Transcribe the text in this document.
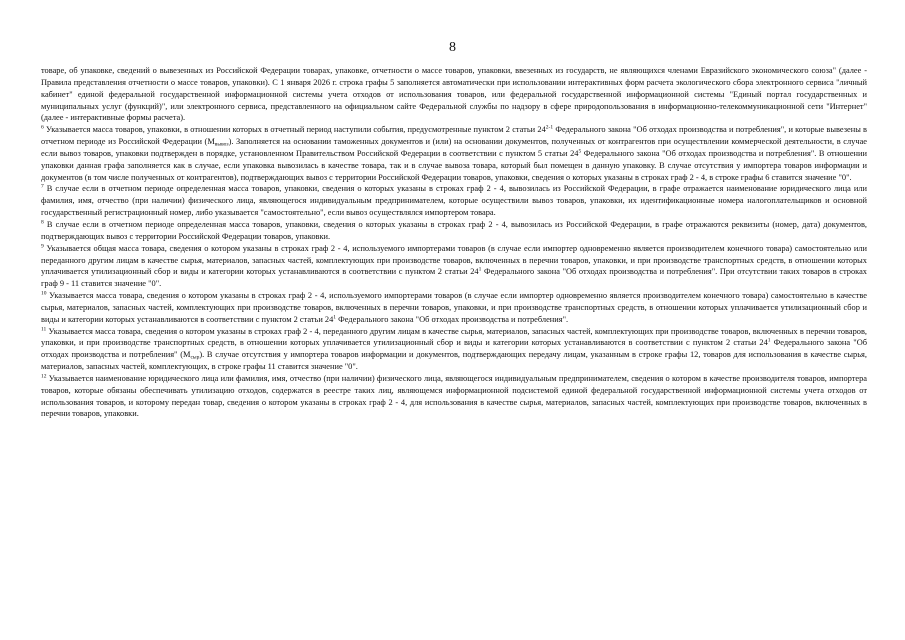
8

товаре, об упаковке, сведений о вывезенных из Российской Федерации товарах, упаковке, отчетности о массе товаров, упаковки, ввезенных из государств, не являющихся членами Евразийского экономического союза" (далее - Правила представления отчетности о массе товаров, упаковки). С 1 января 2026 г. строка графы 5 заполняется автоматически при использовании интерактивных форм расчета экологического сбора электронного сервиса "личный кабинет" единой федеральной государственной информационной системы учета отходов от использования товаров, или федеральной государственной информационной системы "Единый портал государственных и муниципальных услуг (функций)", или электронного сервиса, представленного на официальном сайте Федеральной службы по надзору в сфере природопользования в информационно-телекоммуникационной сети "Интернет" (далее - интерактивные формы расчета).

$^6$ Указывается масса товаров, упаковки, в отношении которых в отчетный период наступили события, предусмотренные пунктом 2 статьи 24$^{2-1}$ Федерального закона "Об отходах производства и потребления", и которые вывезены в отчетном периоде из Российской Федерации $(М_{вывоз})$. Заполняется на основании таможенных документов и (или) на основании документов, полученных от контрагентов при осуществлении коммерческой деятельности, в случае если вывоз товаров, упаковки подтвержден в порядке, установленном Правительством Российской Федерации в соответствии с пунктом 5 статьи $24^5$ Федерального закона "Об отходах производства и потребления". В отношении упаковки данная графа заполняется как в случае, если упаковка вывозилась в качестве товара, так и в случае вывоза товара, который был помещен в данную упаковку. В случае отсутствия у импортера товаров информации и документов (в том числе полученных от контрагентов), подтверждающих вывоз с территории Российской Федерации товаров, упаковки, сведения о которых указаны в строках граф 2 - 4, в строке графы 6 ставится значение "0".

$^7$ В случае если в отчетном периоде определенная масса товаров, упаковки, сведения о которых указаны в строках граф 2 - 4, вывозилась из Российской Федерации, в графе отражается наименование юридического лица или фамилия, имя, отчество (при наличии) физического лица, являющегося индивидуальным предпринимателем, которые осуществили вывоз товаров, упаковки, их идентификационные номера налогоплательщиков и основной государственный регистрационный номер, либо указывается "самостоятельно", если вывоз осуществлялся импортером товара.

$^8$ В случае если в отчетном периоде определенная масса товаров, упаковки, сведения о которых указаны в строках граф 2 - 4, вывозилась из Российской Федерации, в графе отражаются реквизиты (номер, дата) документов, подтверждающих вывоз с территории Российской Федерации товаров, упаковки.

$^9$ Указывается общая масса товара, сведения о котором указаны в строках граф 2 - 4, используемого импортерами товаров (в случае если импортер одновременно является производителем конечного товара) самостоятельно или переданного другим лицам в качестве сырья, материалов, запасных частей, комплектующих при производстве товаров, включенных в перечни товаров, упаковки, и при производстве транспортных средств, в отношении которых уплачивается утилизационный сбор и виды и категории которых устанавливаются в соответствии с пунктом 2 статьи $24^1$ Федерального закона "Об отходах производства и потребления". При отсутствии таких товаров в строках граф 9 - 11 ставится значение "0".

$^{10}$ Указывается масса товара, сведения о котором указаны в строках граф 2 - 4, используемого импортерами товаров (в случае если импортер одновременно является производителем конечного товара) самостоятельно в качестве сырья, материалов, запасных частей, комплектующих при производстве товаров, включенных в перечни товаров, упаковки, и при производстве транспортных средств, в отношении которых уплачивается утилизационный сбор и виды и категории которых устанавливаются в соответствии с пунктом 2 статьи $24^1$ Федерального закона "Об отходах производства и потребления".

$^{11}$ Указывается масса товара, сведения о котором указаны в строках граф 2 - 4, переданного другим лицам в качестве сырья, материалов, запасных частей, комплектующих при производстве товаров, включенных в перечни товаров, упаковки, и при производстве транспортных средств, в отношении которых уплачивается утилизационный сбор и виды и категории которых устанавливаются в соответствии с пунктом 2 статьи $24^1$ Федерального закона "Об отходах производства и потребления" $(М_{сыр})$. В случае отсутствия у импортера товаров информации и документов, подтверждающих передачу лицам, указанным в строке графы 12, товаров для использования в качестве сырья, материалов, запасных частей, комплектующих, в строке графы 11 ставится значение "0".

$^{12}$ Указывается наименование юридического лица или фамилия, имя, отчество (при наличии) физического лица, являющегося индивидуальным предпринимателем, сведения о котором в качестве производителя товаров, импортера товаров, которые обязаны обеспечивать утилизацию отходов, содержатся в реестре таких лиц, являющемся информационной подсистемой единой федеральной государственной информационной системы учета отходов от использования товаров, и которому передан товар, сведения о котором указаны в строках граф 2 - 4, для использования в качестве сырья, материалов, запасных частей, комплектующих при производстве товаров, включенных в перечни товаров, упаковки.
